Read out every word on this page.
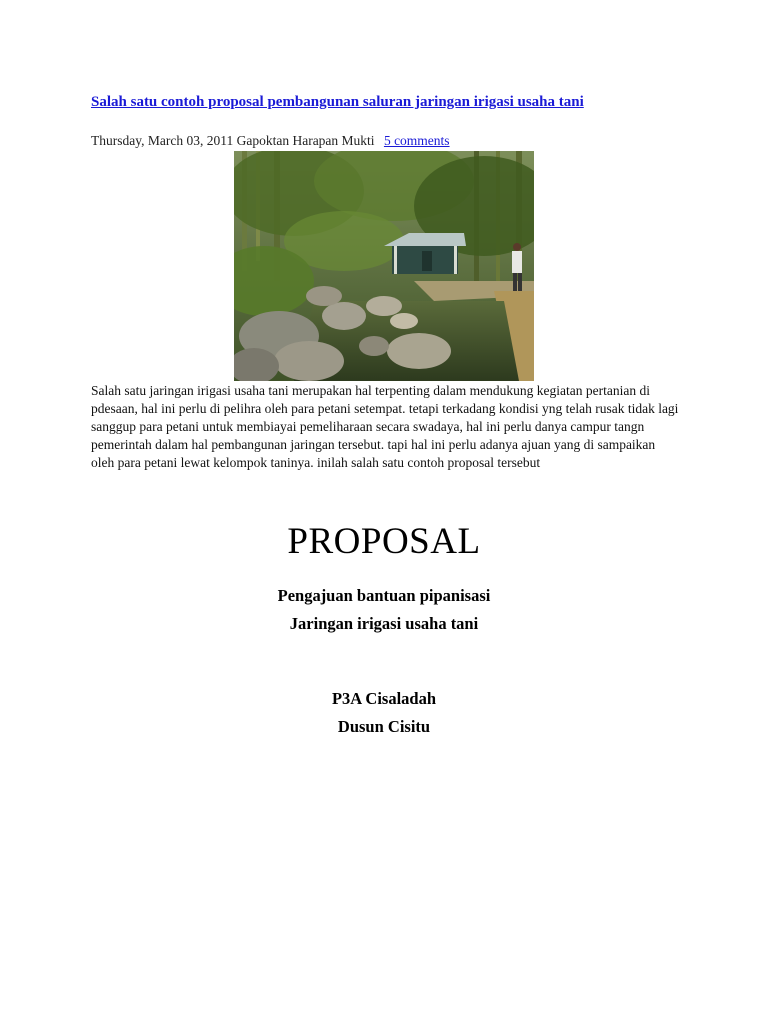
Salah satu contoh proposal pembangunan saluran jaringan irigasi usaha tani
Thursday, March 03, 2011 Gapoktan Harapan Mukti 5 comments

Salah satu jaringan irigasi usaha tani merupakan hal terpenting dalam mendukung kegiatan pertanian di pdesaan, hal ini perlu di pelihra oleh para petani setempat. tetapi terkadang kondisi yng telah rusak tidak lagi sanggup para petani untuk membiayai pemeliharaan secara swadaya, hal ini perlu danya campur tangn pemerintah dalam hal pembangunan jaringan tersebut. tapi hal ini perlu adanya ajuan yang di sampaikan oleh para petani lewat kelompok taninya. inilah salah satu contoh proposal tersebut

PROPOSAL

Pengajuan bantuan pipanisasi

Jaringan irigasi usaha tani

P3A Cisaladah

Dusun Cisitu
